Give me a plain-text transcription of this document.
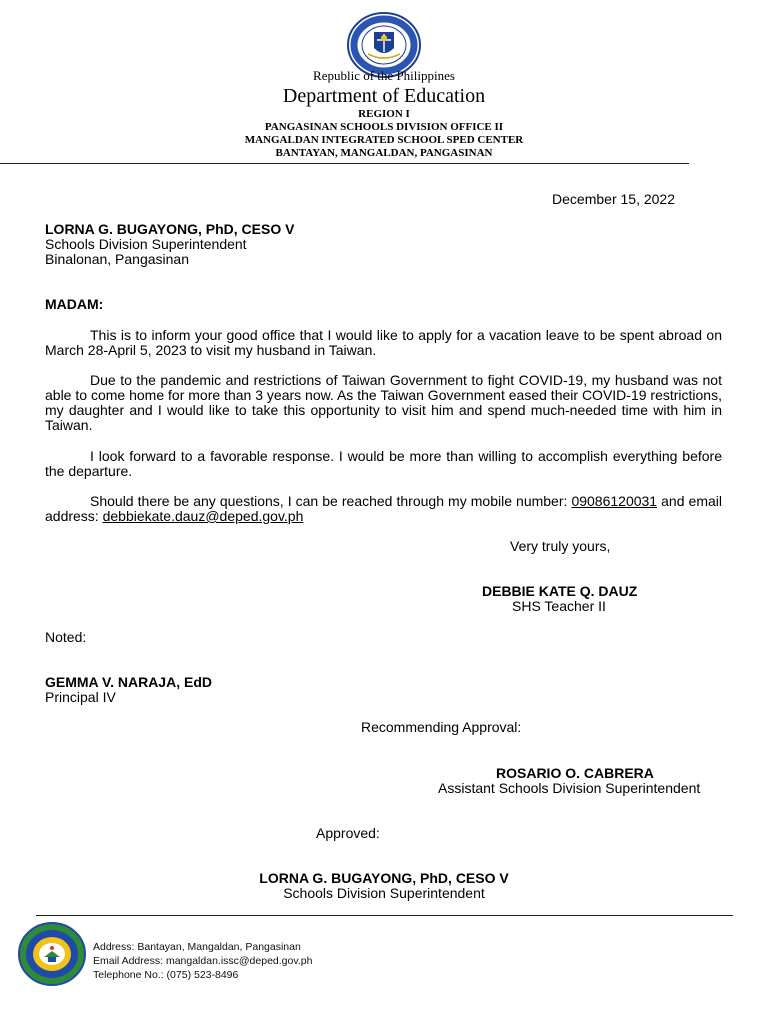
Republic of the Philippines
Department of Education
REGION I
PANGASINAN SCHOOLS DIVISION OFFICE II
MANGALDAN INTEGRATED SCHOOL SPED CENTER
BANTAYAN, MANGALDAN, PANGASINAN
December 15, 2022
LORNA G. BUGAYONG, PhD, CESO V
Schools Division Superintendent
Binalonan, Pangasinan
MADAM:

This is to inform your good office that I would like to apply for a vacation leave to be spent abroad on March 28-April 5, 2023 to visit my husband in Taiwan.

Due to the pandemic and restrictions of Taiwan Government to fight COVID-19, my husband was not able to come home for more than 3 years now. As the Taiwan Government eased their COVID-19 restrictions, my daughter and I would like to take this opportunity to visit him and spend much-needed time with him in Taiwan.

I look forward to a favorable response. I would be more than willing to accomplish everything before the departure.

Should there be any questions, I can be reached through my mobile number: 09086120031 and email address: debbiekate.dauz@deped.gov.ph

Very truly yours,
DEBBIE KATE Q. DAUZ
SHS Teacher II
Noted:
GEMMA V. NARAJA, EdD
Principal IV
Recommending Approval:
ROSARIO O. CABRERA
Assistant Schools Division Superintendent
Approved:
LORNA G. BUGAYONG, PhD, CESO V
Schools Division Superintendent
Address: Bantayan, Mangaldan, Pangasinan
Email Address: mangaldan.issc@deped.gov.ph
Telephone No.: (075) 523-8496
